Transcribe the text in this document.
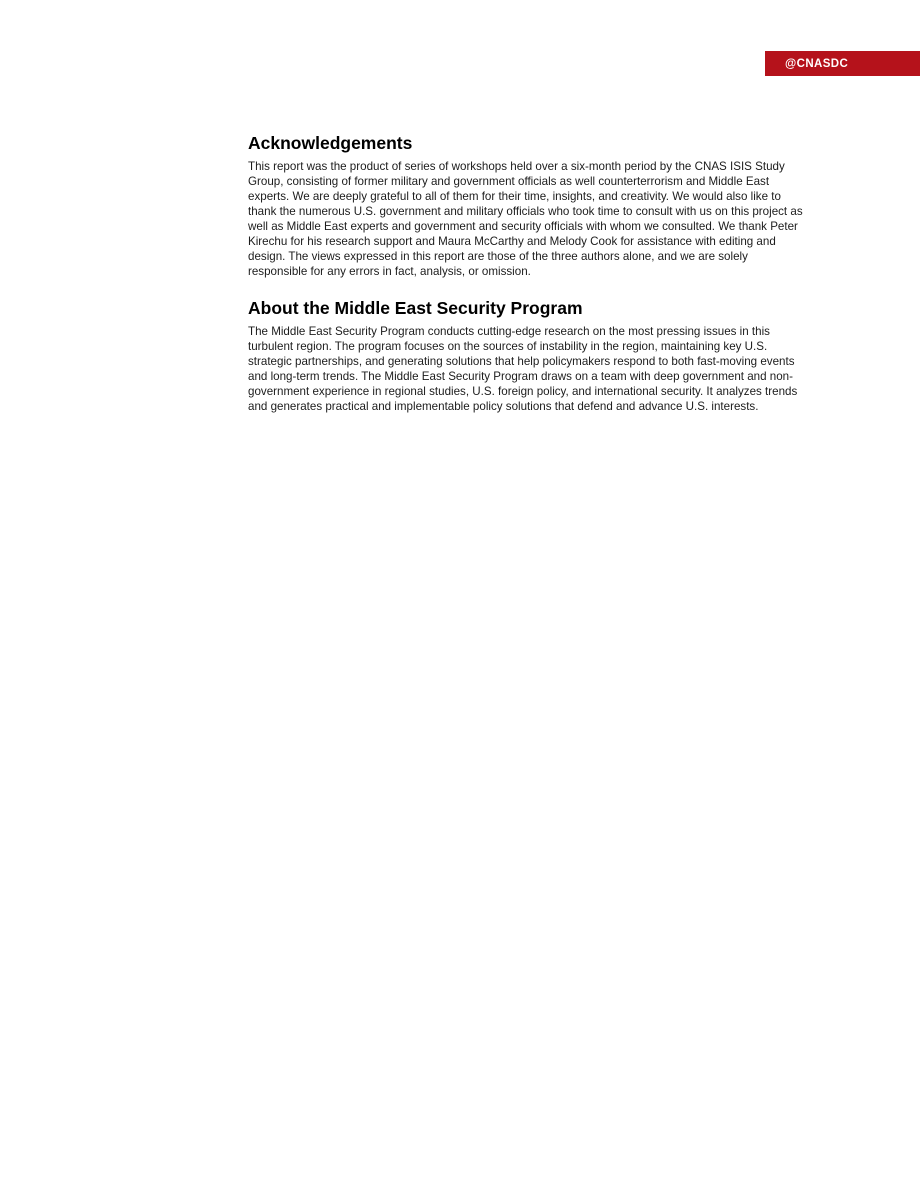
@CNASDC
Acknowledgements

This report was the product of series of workshops held over a six-month period by the CNAS ISIS Study Group, consisting of former military and government officials as well counterterrorism and Middle East experts. We are deeply grateful to all of them for their time, insights, and creativity. We would also like to thank the numerous U.S. government and military officials who took time to consult with us on this project as well as Middle East experts and government and security officials with whom we consulted. We thank Peter Kirechu for his research support and Maura McCarthy and Melody Cook for assistance with editing and design. The views expressed in this report are those of the three authors alone, and we are solely responsible for any errors in fact, analysis, or omission.

About the Middle East Security Program

The Middle East Security Program conducts cutting-edge research on the most pressing issues in this turbulent region. The program focuses on the sources of instability in the region, maintaining key U.S. strategic partnerships, and generating solutions that help policymakers respond to both fast-moving events and long-term trends. The Middle East Security Program draws on a team with deep government and non-government experience in regional studies, U.S. foreign policy, and international security. It analyzes trends and generates practical and implementable policy solutions that defend and advance U.S. interests.
